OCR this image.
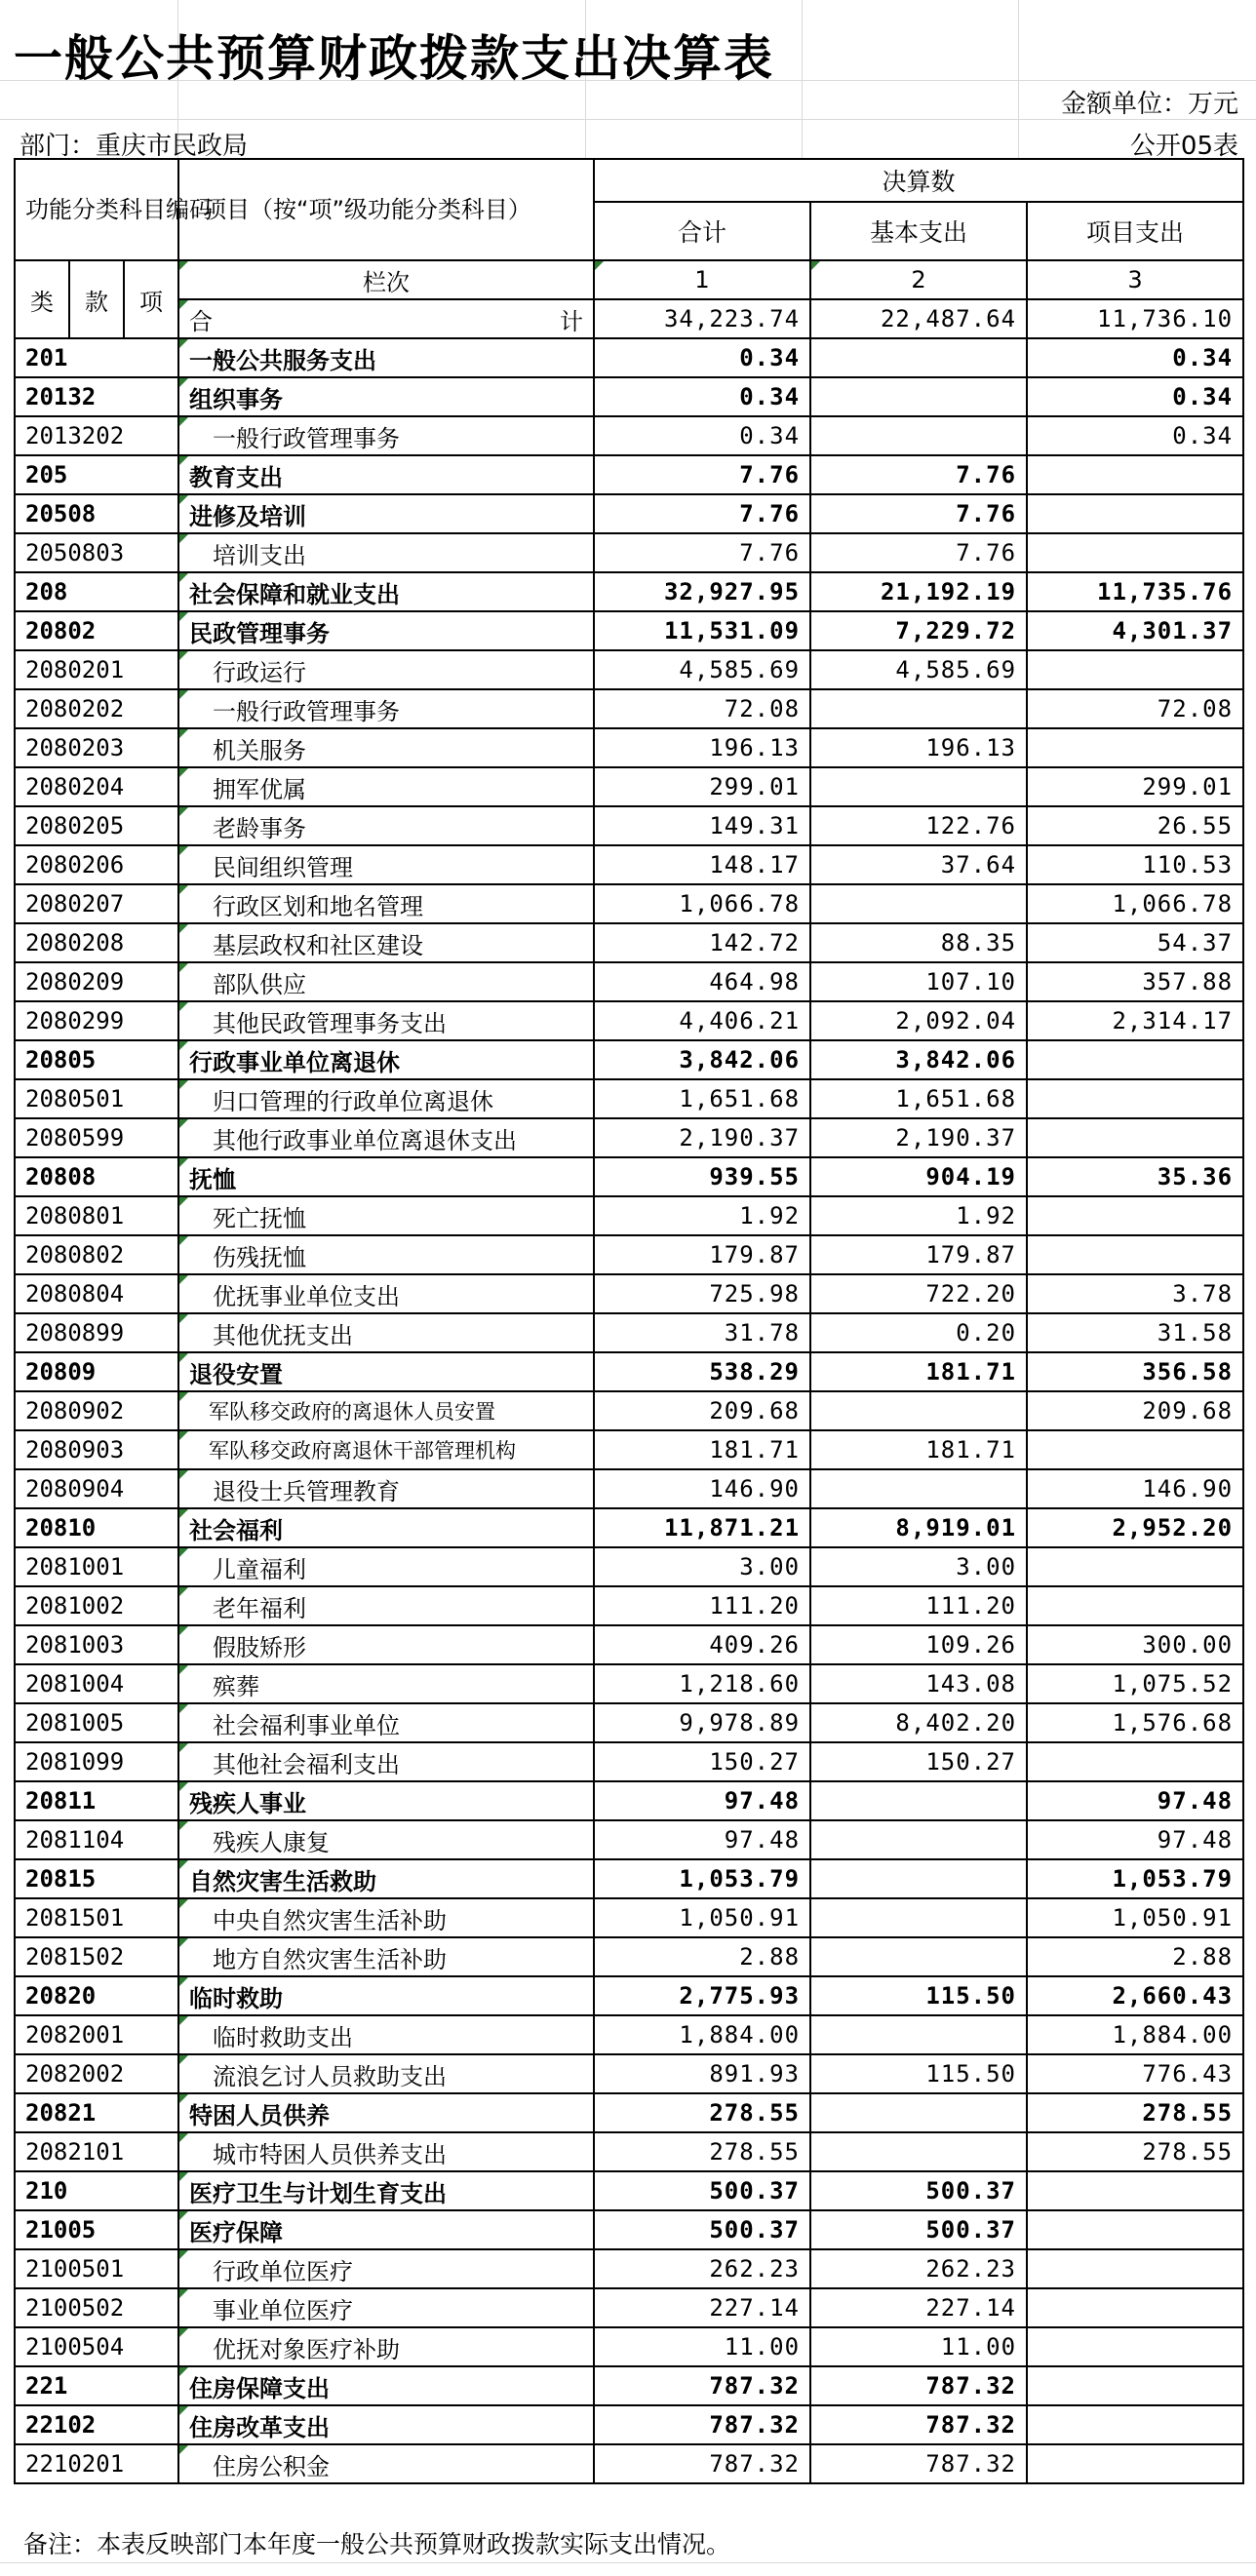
一般公共预算财政拨款支出决算表
金额单位：万元
部门：重庆市民政局	公开05表
功能分类科目编码			项目（按“项”级功能分类科目）	决算数		
				合计	基本支出	项目支出
类	款	项	栏次	1	2	3

			合 计	34,223.74	22,487.64	11,736.10
201			一般公共服务支出	0.34		0.34
20132			组织事务	0.34		0.34
2013202			一般行政管理事务	0.34		0.34
205			教育支出	7.76	7.76	
20508			进修及培训	7.76	7.76	
2050803			培训支出	7.76	7.76	
208			社会保障和就业支出	32,927.95	21,192.19	11,735.76
20802			民政管理事务	11,531.09	7,229.72	4,301.37
2080201			行政运行	4,585.69	4,585.69	
2080202			一般行政管理事务	72.08		72.08
2080203			机关服务	196.13	196.13	
2080204			拥军优属	299.01		299.01
2080205			老龄事务	149.31	122.76	26.55
2080206			民间组织管理	148.17	37.64	110.53
2080207			行政区划和地名管理	1,066.78		1,066.78
2080208			基层政权和社区建设	142.72	88.35	54.37
2080209			部队供应	464.98	107.10	357.88
2080299			其他民政管理事务支出	4,406.21	2,092.04	2,314.17
20805			行政事业单位离退休	3,842.06	3,842.06	
2080501			归口管理的行政单位离退休	1,651.68	1,651.68	
2080599			其他行政事业单位离退休支出	2,190.37	2,190.37	
20808			抚恤	939.55	904.19	35.36
2080801			死亡抚恤	1.92	1.92	
2080802			伤残抚恤	179.87	179.87	
2080804			优抚事业单位支出	725.98	722.20	3.78
2080899			其他优抚支出	31.78	0.20	31.58
20809			退役安置	538.29	181.71	356.58
2080902			军队移交政府的离退休人员安置	209.68		209.68
2080903			军队移交政府离退休干部管理机构	181.71	181.71	
2080904			退役士兵管理教育	146.90		146.90
20810			社会福利	11,871.21	8,919.01	2,952.20
2081001			儿童福利	3.00	3.00	
2081002			老年福利	111.20	111.20	
2081003			假肢矫形	409.26	109.26	300.00
2081004			殡葬	1,218.60	143.08	1,075.52
2081005			社会福利事业单位	9,978.89	8,402.20	1,576.68
2081099			其他社会福利支出	150.27	150.27	
20811			残疾人事业	97.48		97.48
2081104			残疾人康复	97.48		97.48
20815			自然灾害生活救助	1,053.79		1,053.79
2081501			中央自然灾害生活补助	1,050.91		1,050.91
2081502			地方自然灾害生活补助	2.88		2.88
20820			临时救助	2,775.93	115.50	2,660.43
2082001			临时救助支出	1,884.00		1,884.00
2082002			流浪乞讨人员救助支出	891.93	115.50	776.43
20821			特困人员供养	278.55		278.55
2082101			城市特困人员供养支出	278.55		278.55
210			医疗卫生与计划生育支出	500.37	500.37	
21005			医疗保障	500.37	500.37	
2100501			行政单位医疗	262.23	262.23	
2100502			事业单位医疗	227.14	227.14	
2100504			优抚对象医疗补助	11.00	11.00	
221			住房保障支出	787.32	787.32	
22102			住房改革支出	787.32	787.32	
2210201			住房公积金	787.32	787.32	
备注：本表反映部门本年度一般公共预算财政拨款实际支出情况。
